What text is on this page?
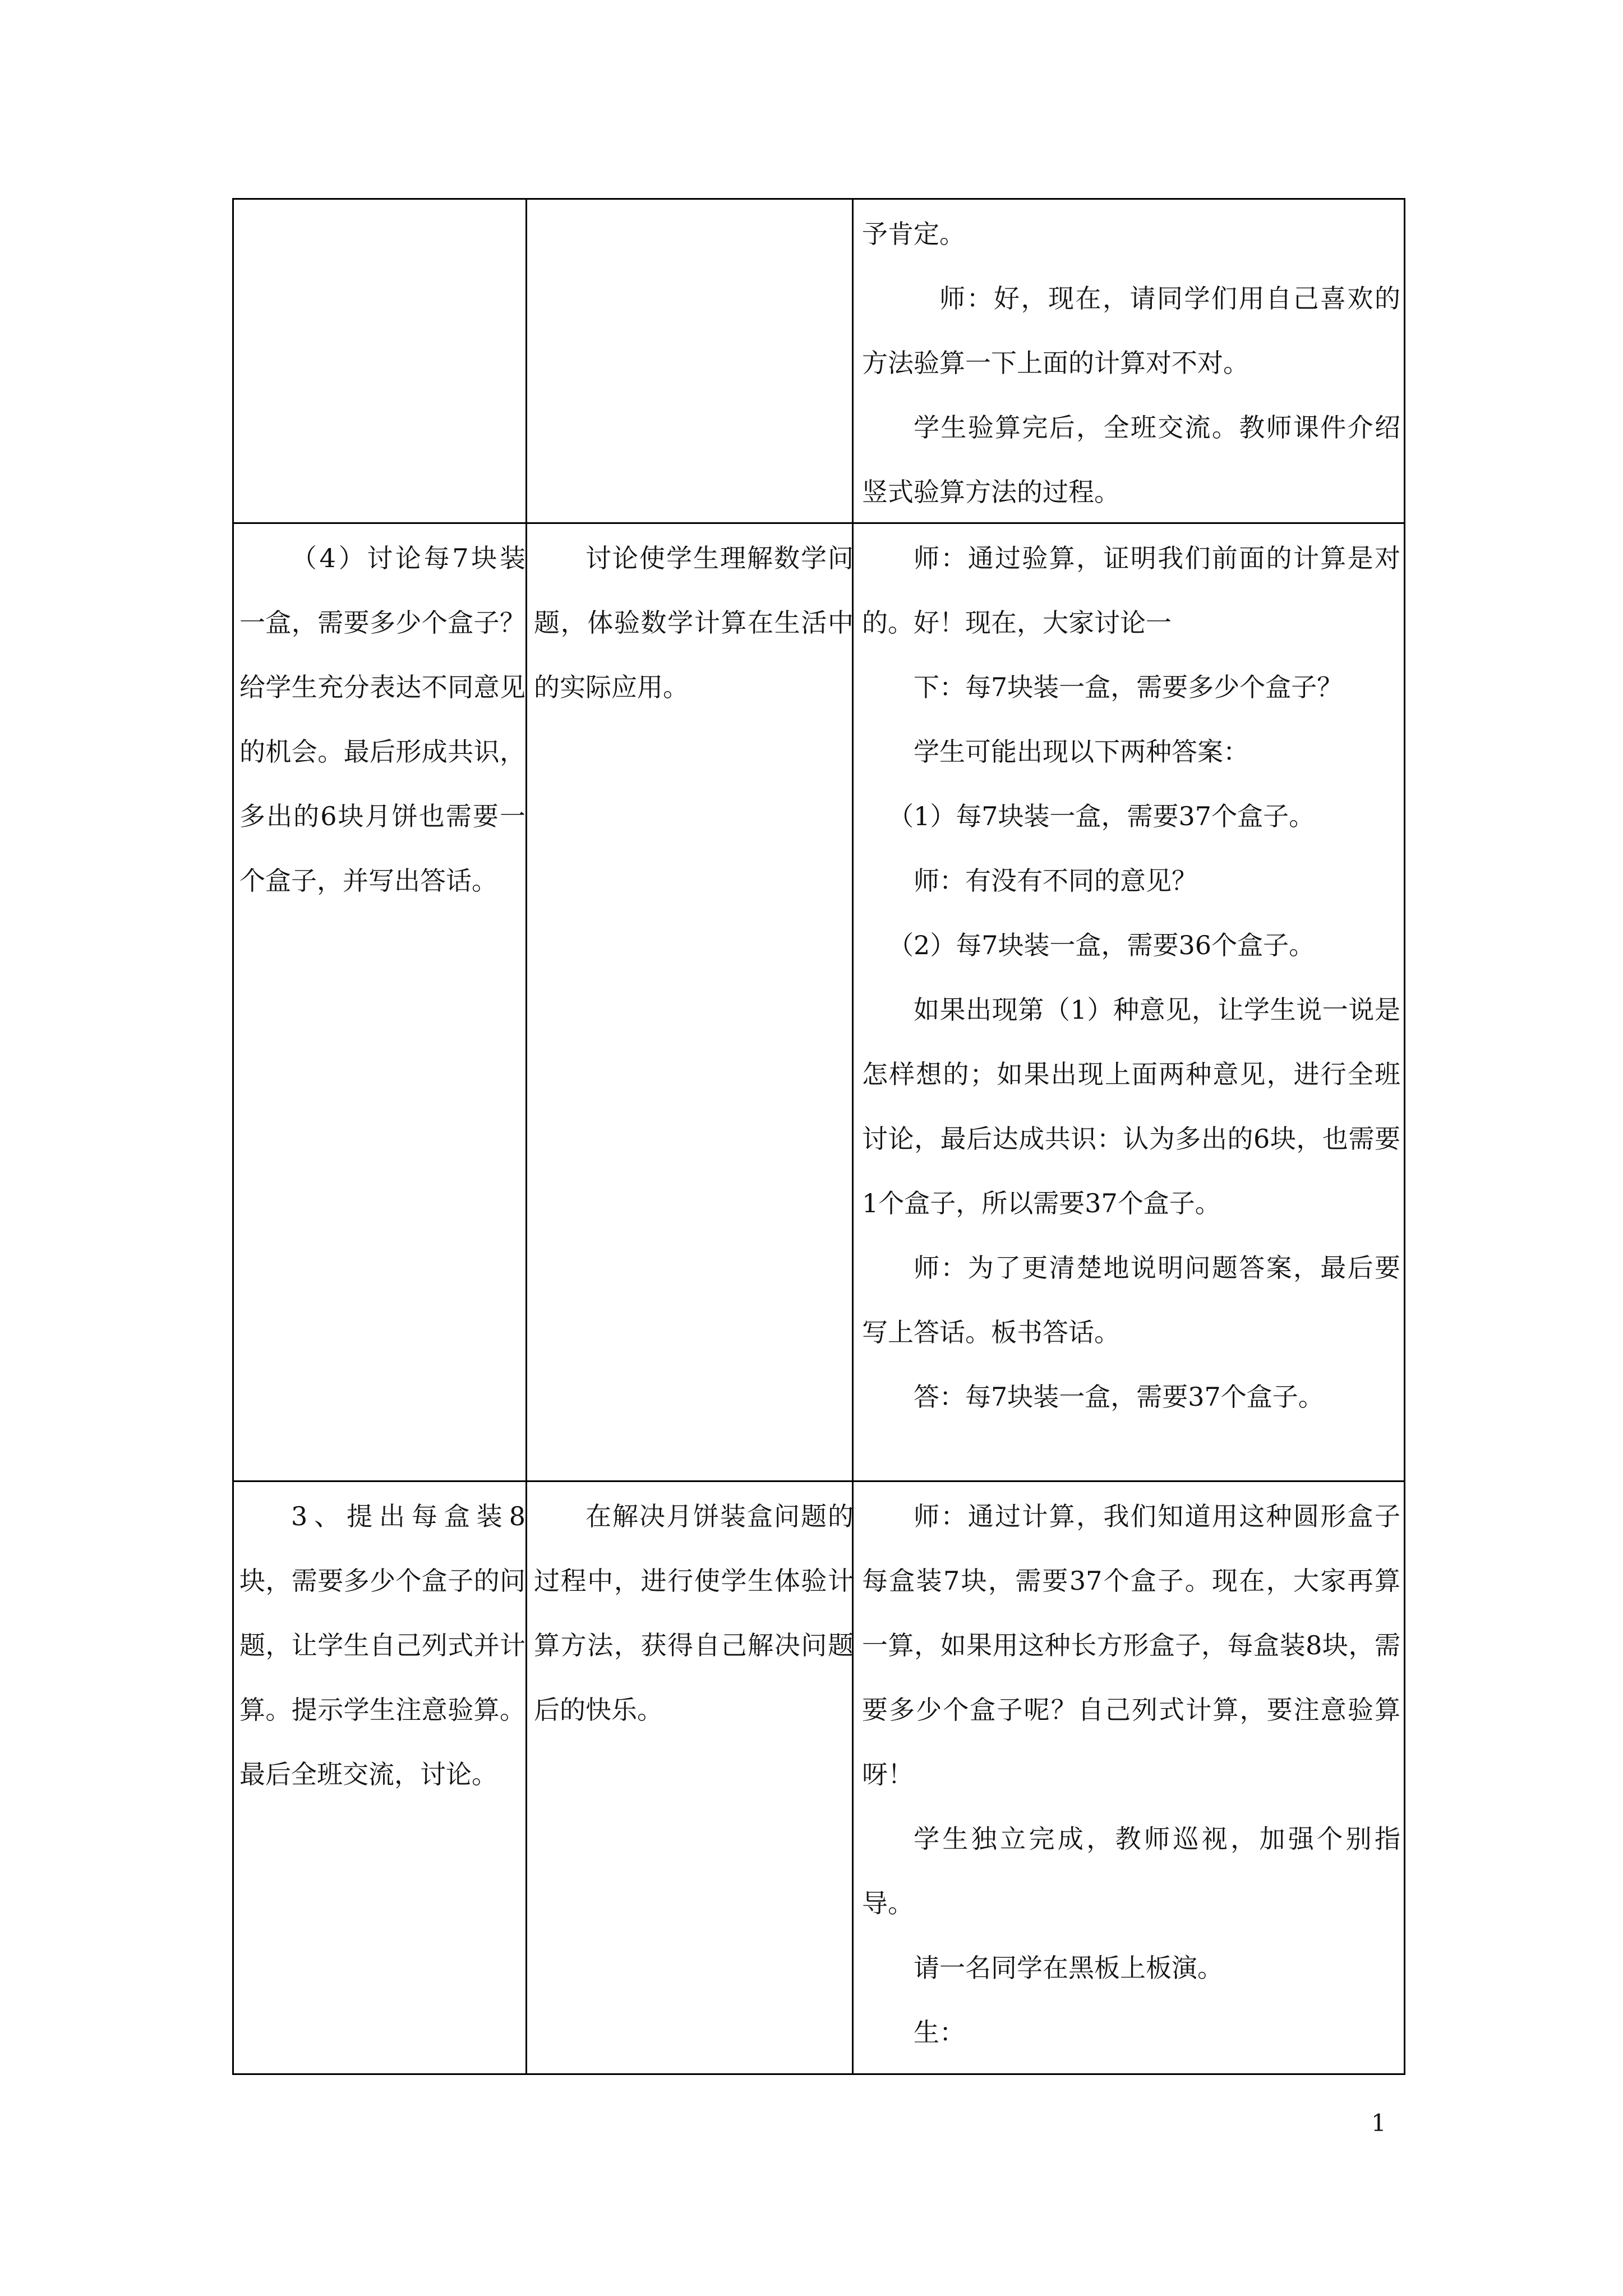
予肯定。

师：好，现在，请同学们用自己喜欢的方法验算一下上面的计算对不对。

学生验算完后，全班交流。教师课件介绍竖式验算方法的过程。

（4）讨论每7块装一盒，需要多少个盒子？给学生充分表达不同意见的机会。最后形成共识，多出的6块月饼也需要一个盒子，并写出答话。

讨论使学生理解数学问题，体验数学计算在生活中的实际应用。

师：通过验算，证明我们前面的计算是对的。好！现在，大家讨论一

下：每7块装一盒，需要多少个盒子？

学生可能出现以下两种答案：

（1）每7块装一盒，需要37个盒子。

师：有没有不同的意见？

（2）每7块装一盒，需要36个盒子。

如果出现第（1）种意见，让学生说一说是怎样想的；如果出现上面两种意见，进行全班讨论，最后达成共识：认为多出的6块，也需要1个盒子，所以需要37个盒子。

师：为了更清楚地说明问题答案，最后要写上答话。板书答话。

答：每7块装一盒，需要37个盒子。

3、提出每盒装8块，需要多少个盒子的问题，让学生自己列式并计算。提示学生注意验算。最后全班交流，讨论。

在解决月饼装盒问题的过程中，进行使学生体验计算方法，获得自己解决问题后的快乐。

师：通过计算，我们知道用这种圆形盒子每盒装7块，需要37个盒子。现在，大家再算一算，如果用这种长方形盒子，每盒装8块，需要多少个盒子呢？自己列式计算，要注意验算呀！

学生独立完成，教师巡视，加强个别指导。

请一名同学在黑板上板演。

生：

1
